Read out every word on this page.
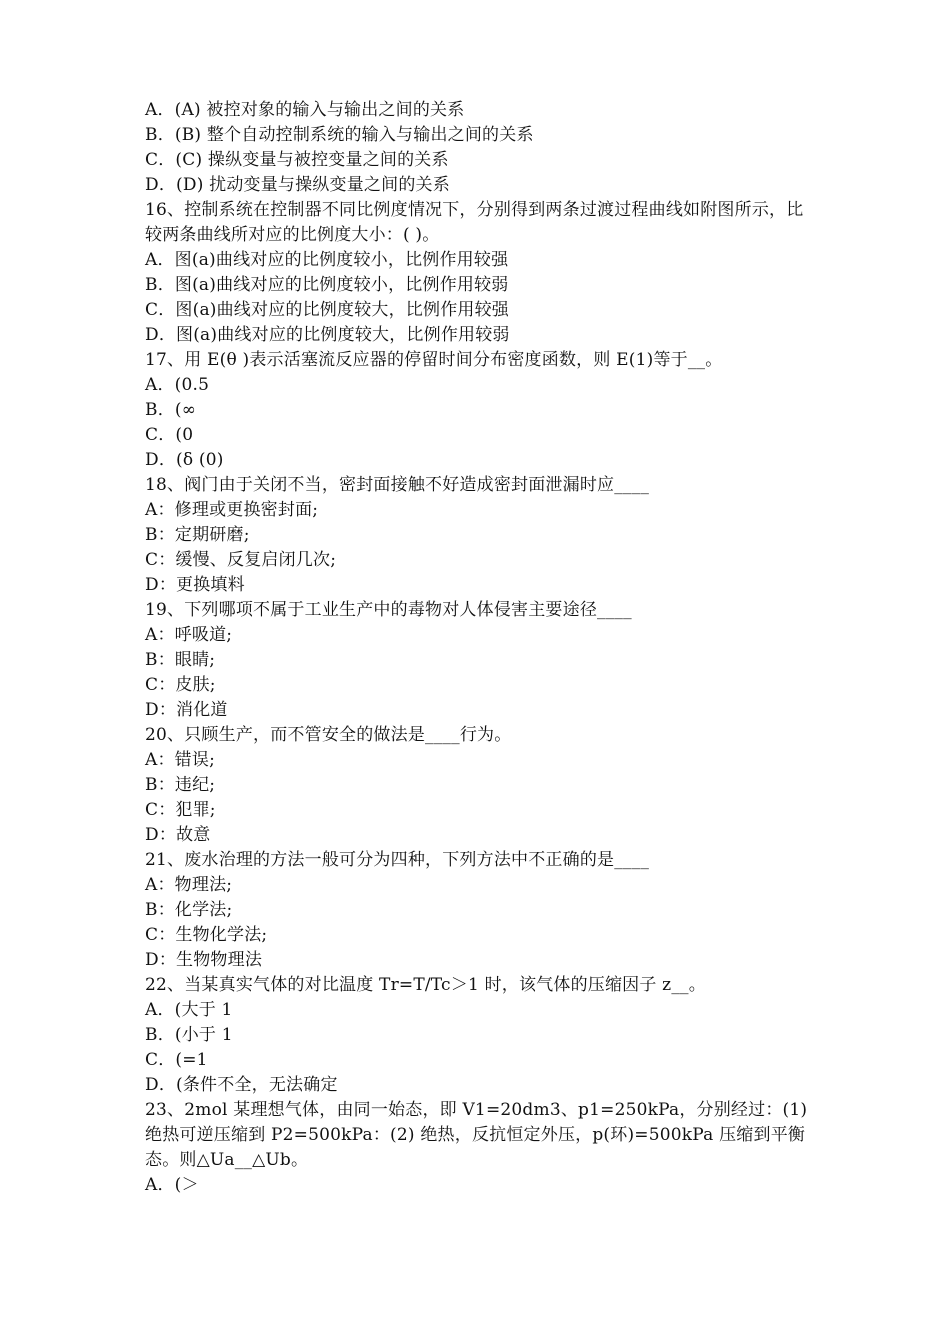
A．(A) 被控对象的输入与输出之间的关系
B．(B) 整个自动控制系统的输入与输出之间的关系
C．(C) 操纵变量与被控变量之间的关系
D．(D) 扰动变量与操纵变量之间的关系
16、控制系统在控制器不同比例度情况下，分别得到两条过渡过程曲线如附图所示，比较两条曲线所对应的比例度大小：( )。
A．图(a)曲线对应的比例度较小，比例作用较强
B．图(a)曲线对应的比例度较小，比例作用较弱
C．图(a)曲线对应的比例度较大，比例作用较强
D．图(a)曲线对应的比例度较大，比例作用较弱
17、用 E(θ )表示活塞流反应器的停留时间分布密度函数，则 E(1)等于__。
A．(0.5
B．(∞
C．(0
D．(δ (0)
18、阀门由于关闭不当，密封面接触不好造成密封面泄漏时应____
A：修理或更换密封面;
B：定期研磨;
C：缓慢、反复启闭几次;
D：更换填料
19、下列哪项不属于工业生产中的毒物对人体侵害主要途径____
A：呼吸道;
B：眼睛;
C：皮肤;
D：消化道
20、只顾生产，而不管安全的做法是____行为。
A：错误;
B：违纪;
C：犯罪;
D：故意
21、废水治理的方法一般可分为四种，下列方法中不正确的是____
A：物理法;
B：化学法;
C：生物化学法;
D：生物物理法
22、当某真实气体的对比温度 Tr=T/Tc＞1 时，该气体的压缩因子 z__。
A．(大于 1
B．(小于 1
C．(=1
D．(条件不全，无法确定
23、2mol 某理想气体，由同一始态，即 V1=20dm3、p1=250kPa，分别经过：(1) 绝热可逆压缩到 P2=500kPa：(2) 绝热，反抗恒定外压，p(环)=500kPa 压缩到平衡态。则△Ua__△Ub。
A．(＞
